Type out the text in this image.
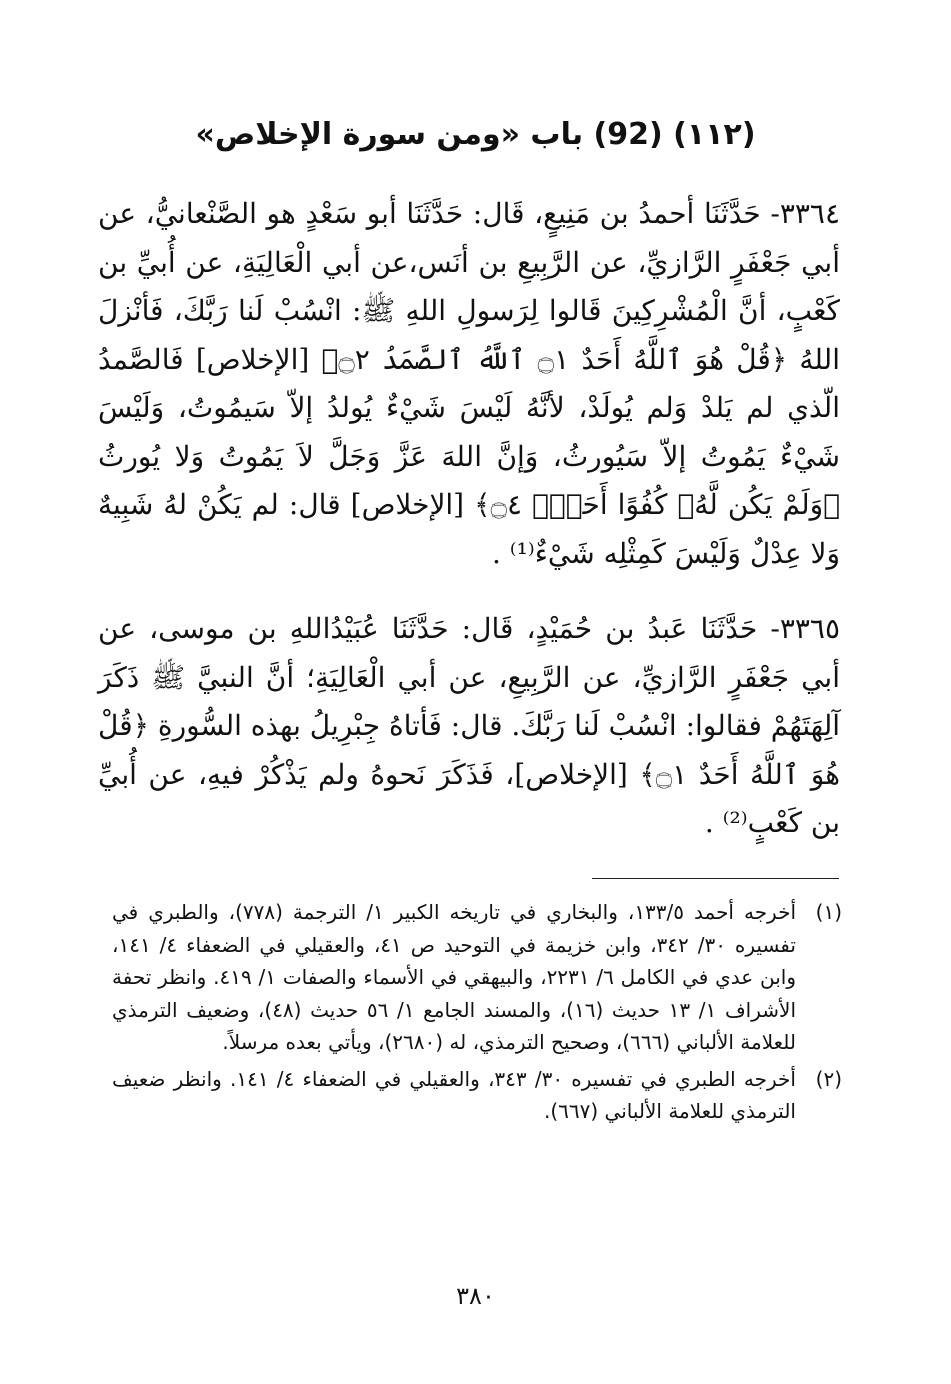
(١١٢) (92) باب «ومن سورة الإخلاص»

٣٣٦٤- حَدَّثَنَا أحمدُ بن مَنِيعٍ، قَال: حَدَّثَنَا أبو سَعْدٍ هو الصَّنْعانيُّ، عن أبي جَعْفَرٍ الرَّازيِّ، عن الرَّبِيعِ بن أنَس،عن أبي الْعَالِيَةِ، عن أُبيِّ بن كَعْبٍ، أنَّ الْمُشْرِكِينَ قَالوا لِرَسولِ اللهِ ﷺ: انْسُبْ لَنا رَبَّكَ، فَأنْزلَ اللهُ ﴿قُلْ هُوَ ٱللَّهُ أَحَدٌ ۝١ ٱللَّهُ ٱلصَّمَدُ ۝٢﴾ [الإخلاص] فَالصَّمدُ الّذي لم يَلدْ وَلم يُولَدْ، لأنَّهُ لَيْسَ شَيْءٌ يُولدُ إلاّ سَيمُوتُ، وَلَيْسَ شَيْءٌ يَمُوتُ إلاّ سَيُورثُ، وَإنَّ اللهَ عَزَّ وَجَلَّ لاَ يَمُوتُ وَلا يُورثُ ﴿وَلَمْ يَكُن لَّهُۥ كُفُوًا أَحَدٌۢ ۝٤﴾ [الإخلاص] قال: لم يَكُنْ لهُ شَبِيهٌ وَلا عِدْلٌ وَلَيْسَ كَمِثْلِه شَيْءٌ⁽¹⁾ .

٣٣٦٥- حَدَّثَنَا عَبدُ بن حُمَيْدٍ، قَال: حَدَّثَنَا عُبَيْدُاللهِ بن موسى، عن أبي جَعْفَرٍ الرَّازيِّ، عن الرَّبِيعِ، عن أبي الْعَالِيَةِ؛ أنَّ النبيَّ ﷺ ذَكَرَ آلِهَتَهُمْ فقالوا: انْسُبْ لَنا رَبَّكَ. قال: فَأتاهُ جِبْرِيلُ بهذه السُّورةِ ﴿قُلْ هُوَ ٱللَّهُ أَحَدٌ ۝١﴾ [الإخلاص]، فَذَكَرَ نَحوهُ ولم يَذْكُرْ فيهِ، عن أُبيِّ بن كَعْبٍ⁽²⁾ .

(١)
أخرجه أحمد ١٣٣/٥، والبخاري في تاريخه الكبير ١/ الترجمة (٧٧٨)، والطبري في تفسيره ٣٠/ ٣٤٢، وابن خزيمة في التوحيد ص ٤١، والعقيلي في الضعفاء ٤/ ١٤١، وابن عدي في الكامل ٦/ ٢٢٣١، والبيهقي في الأسماء والصفات ١/ ٤١٩. وانظر تحفة الأشراف ١/ ١٣ حديث (١٦)، والمسند الجامع ١/ ٥٦ حديث (٤٨)، وضعيف الترمذي للعلامة الألباني (٦٦٦)، وصحيح الترمذي، له (٢٦٨٠)، ويأتي بعده مرسلاً.
(٢)
أخرجه الطبري في تفسيره ٣٠/ ٣٤٣، والعقيلي في الضعفاء ٤/ ١٤١. وانظر ضعيف الترمذي للعلامة الألباني (٦٦٧).
٣٨٠
